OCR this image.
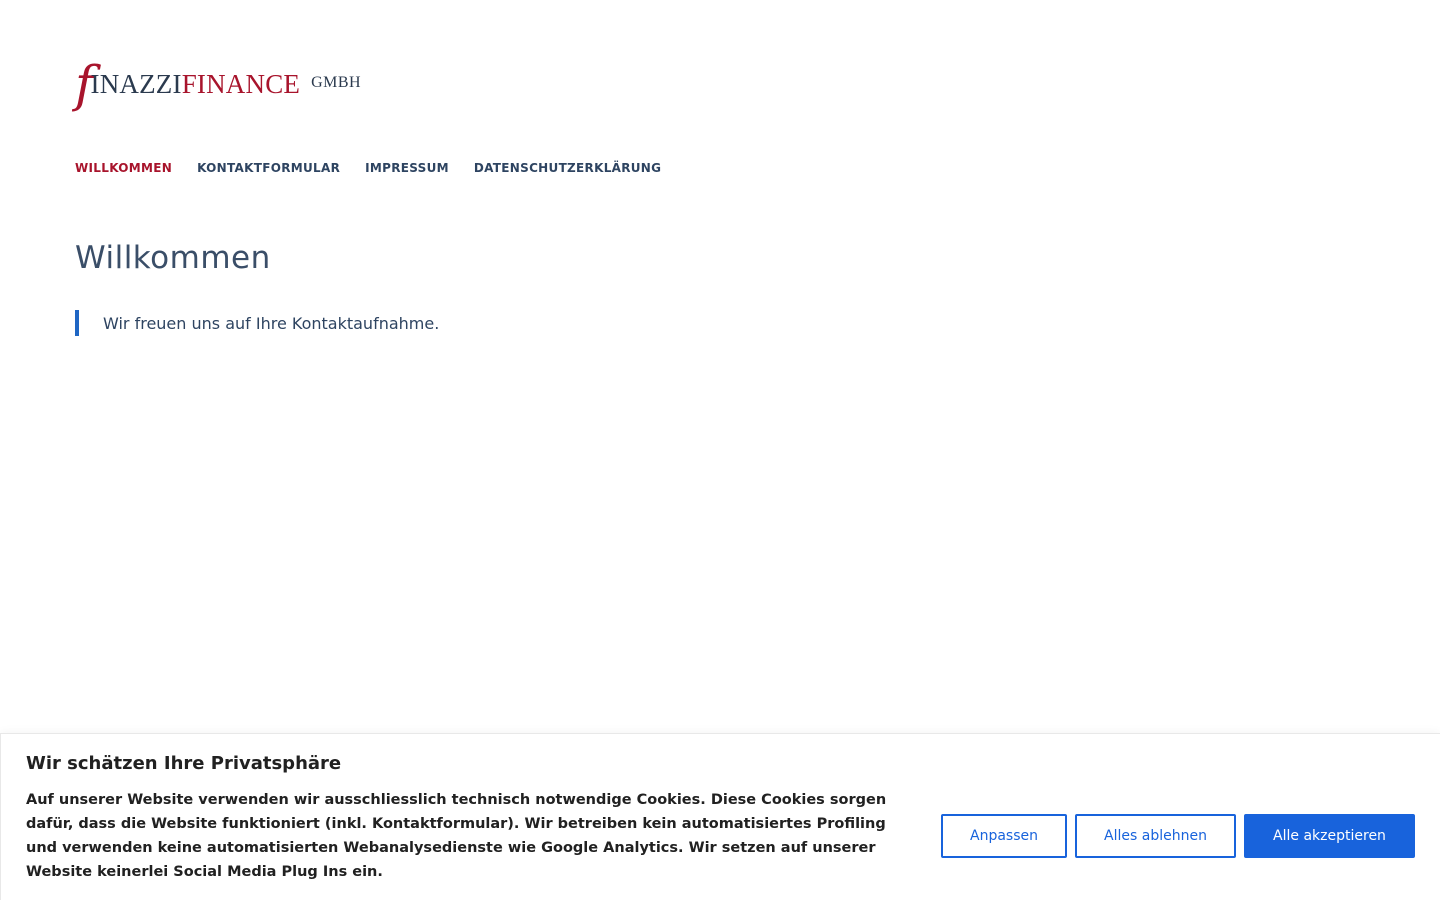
f
INAZZI FINANCE GMBH
WILLKOMMEN KONTAKTFORMULAR IMPRESSUM DATENSCHUTZERKLÄRUNG
Willkommen
Wir freuen uns auf Ihre Kontaktaufnahme.
Wir schätzen Ihre Privatsphäre

Auf unserer Website verwenden wir ausschliesslich technisch notwendige Cookies. Diese Cookies sorgen dafür, dass die Website funktioniert (inkl. Kontaktformular). Wir betreiben kein automatisiertes Profiling und verwenden keine automatisierten Webanalysedienste wie Google Analytics. Wir setzen auf unserer Website keinerlei Social Media Plug Ins ein.

Anpassen	Alles ablehnen	Alle akzeptieren
